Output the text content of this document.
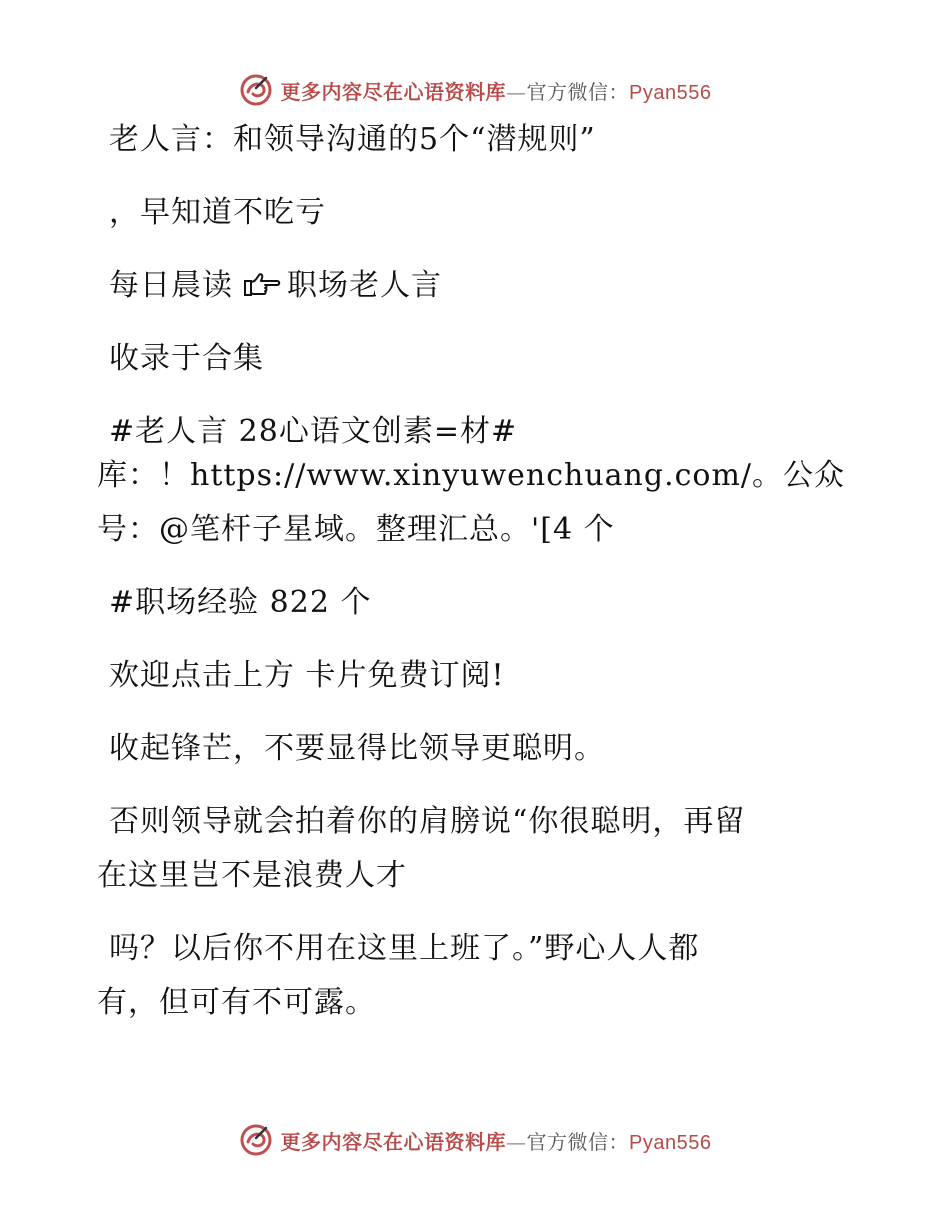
更多内容尽在心语资料库—官方微信：Pyan556
老人言：和领导沟通的5个“潜规则”
，早知道不吃亏
每日晨读 职场老人言
收录于合集
#老人言 28心语文创素=材#
库：！https://www.xinyuwenchuang.com/。公众
号：@笔杆子星域。整理汇总。'[4 个
#职场经验 822 个
欢迎点击上方 卡片免费订阅!
收起锋芒，不要显得比领导更聪明。
否则领导就会拍着你的肩膀说“你很聪明，再留
在这里岂不是浪费人才
吗？以后你不用在这里上班了。”野心人人都
有，但可有不可露。
更多内容尽在心语资料库—官方微信：Pyan556
